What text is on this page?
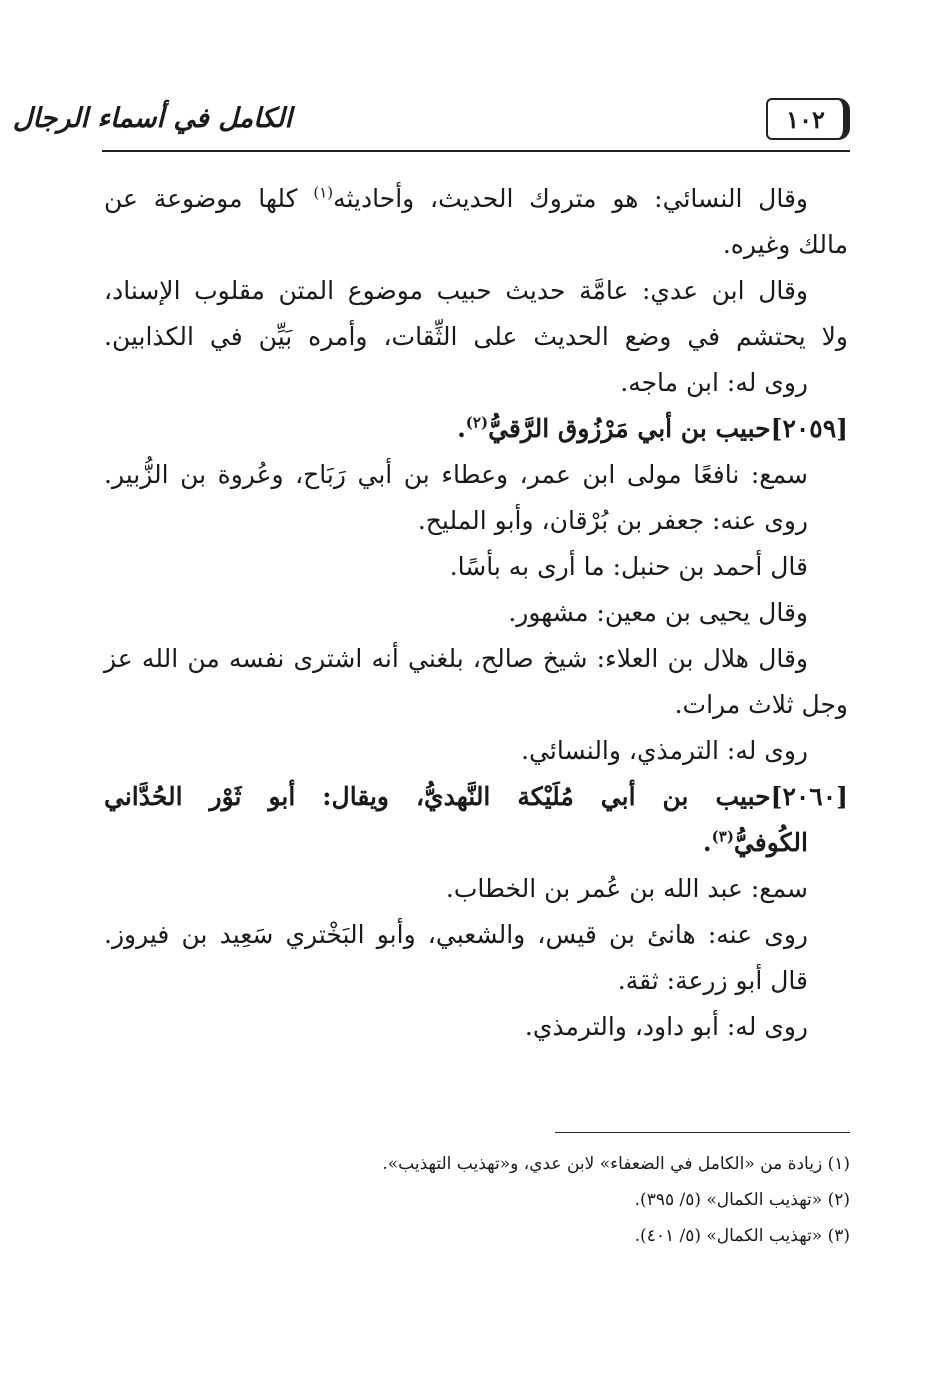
١٠٢
الكامل في أسماء الرجال
وقال النسائي: هو متروك الحديث، وأحاديثه$^{(١)}$ كلها موضوعة عن
مالك وغيره.
وقال ابن عدي: عامَّة حديث حبيب موضوع المتن مقلوب الإسناد،
ولا يحتشم في وضع الحديث على الثِّقات، وأمره بَيِّن في الكذابين.
روى له: ابن ماجه.
[٢٠٥٩]حبيب بن أبي مَرْزُوق الرَّقيُّ$^{(٢)}$.
سمع: نافعًا مولى ابن عمر، وعطاء بن أبي رَبَاح، وعُروة بن الزُّبير.
روى عنه: جعفر بن بُرْقان، وأبو المليح.
قال أحمد بن حنبل: ما أرى به بأسًا.
وقال يحيى بن معين: مشهور.
وقال هلال بن العلاء: شيخ صالح، بلغني أنه اشترى نفسه من الله عز
وجل ثلاث مرات.
روى له: الترمذي، والنسائي.
[٢٠٦٠]حبيب بن أبي مُلَيْكة النَّهديُّ، ويقال: أبو ثَوْر الحُدَّاني
الكُوفيُّ$^{(٣)}$.
سمع: عبد الله بن عُمر بن الخطاب.
روى عنه: هانئ بن قيس، والشعبي، وأبو البَخْتري سَعِيد بن فيروز.
قال أبو زرعة: ثقة.
روى له: أبو داود، والترمذي.
(١) زيادة من «الكامل في الضعفاء» لابن عدي، و«تهذيب التهذيب».
(٢) «تهذيب الكمال» (٥/ ٣٩٥).
(٣) «تهذيب الكمال» (٥/ ٤٠١).
